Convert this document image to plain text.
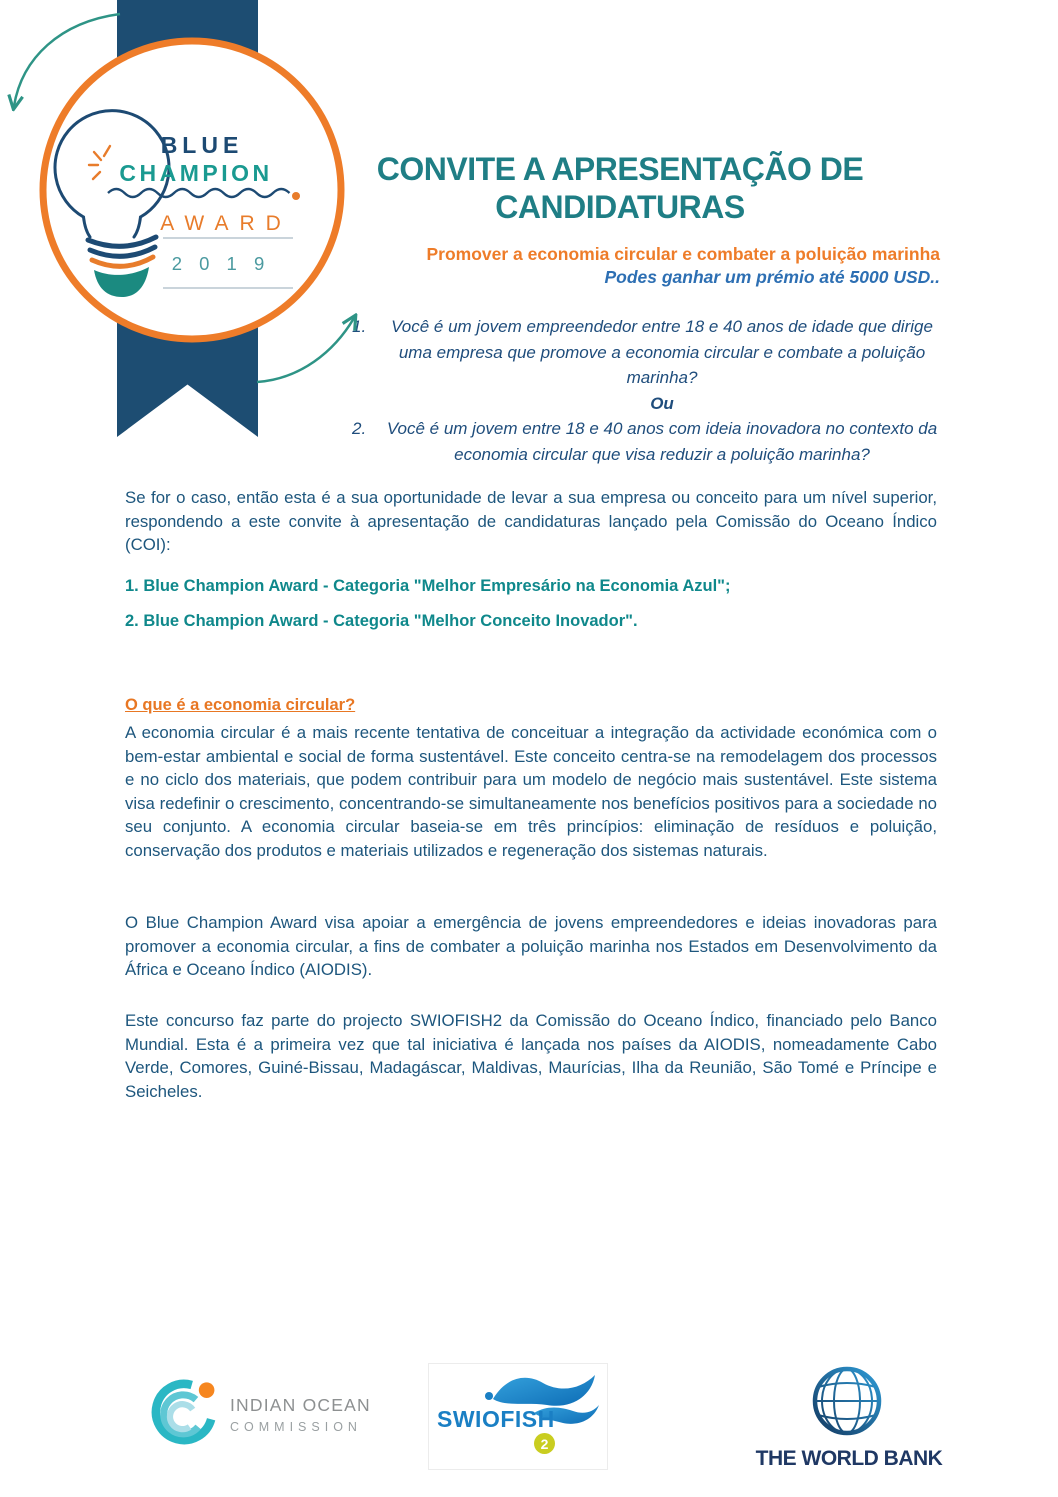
BLUE
CHAMPION
AWARD
2 0 1 9
CONVITE A APRESENTAÇÃO DE
CANDIDATURAS
Promover a economia circular e combater a poluição marinha
Podes ganhar um prémio até 5000 USD..
1.	Você é um jovem empreendedor entre 18 e 40 anos de idade que dirige uma empresa que promove a economia circular e combate a poluição marinha?
Ou
2.	Você é um jovem entre 18 e 40 anos com ideia inovadora no contexto da economia circular que visa reduzir a poluição marinha?
Se for o caso, então esta é a sua oportunidade de levar a sua empresa ou conceito para um nível superior, respondendo a este convite à apresentação de candidaturas lançado pela Comissão do Oceano Índico (COI):
1. Blue Champion Award - Categoria "Melhor Empresário na Economia Azul";
2. Blue Champion Award - Categoria "Melhor Conceito Inovador".
O que é a economia circular?
A economia circular é a mais recente tentativa de conceituar a integração da actividade económica com o bem-estar ambiental e social de forma sustentável. Este conceito centra-se na remodelagem dos processos e no ciclo dos materiais, que podem contribuir para um modelo de negócio mais sustentável. Este sistema visa redefinir o crescimento, concentrando-se simultaneamente nos benefícios positivos para a sociedade no seu conjunto. A economia circular baseia-se em três princípios: eliminação de resíduos e poluição, conservação dos produtos e materiais utilizados e regeneração dos sistemas naturais.
O Blue Champion Award visa apoiar a emergência de jovens empreendedores e ideias inovadoras para promover a economia circular, a fins de combater a poluição marinha nos Estados em Desenvolvimento da África e Oceano Índico (AIODIS).
Este concurso faz parte do projecto SWIOFISH2 da Comissão do Oceano Índico, financiado pelo Banco Mundial. Esta é a primeira vez que tal iniciativa é lançada nos países da AIODIS, nomeadamente Cabo Verde, Comores, Guiné-Bissau, Madagáscar, Maldivas, Maurícias, Ilha da Reunião, São Tomé e Príncipe e Seicheles.
INDIAN OCEAN
COMMISSION	SWIOFISH
2
THE WORLD BANK
